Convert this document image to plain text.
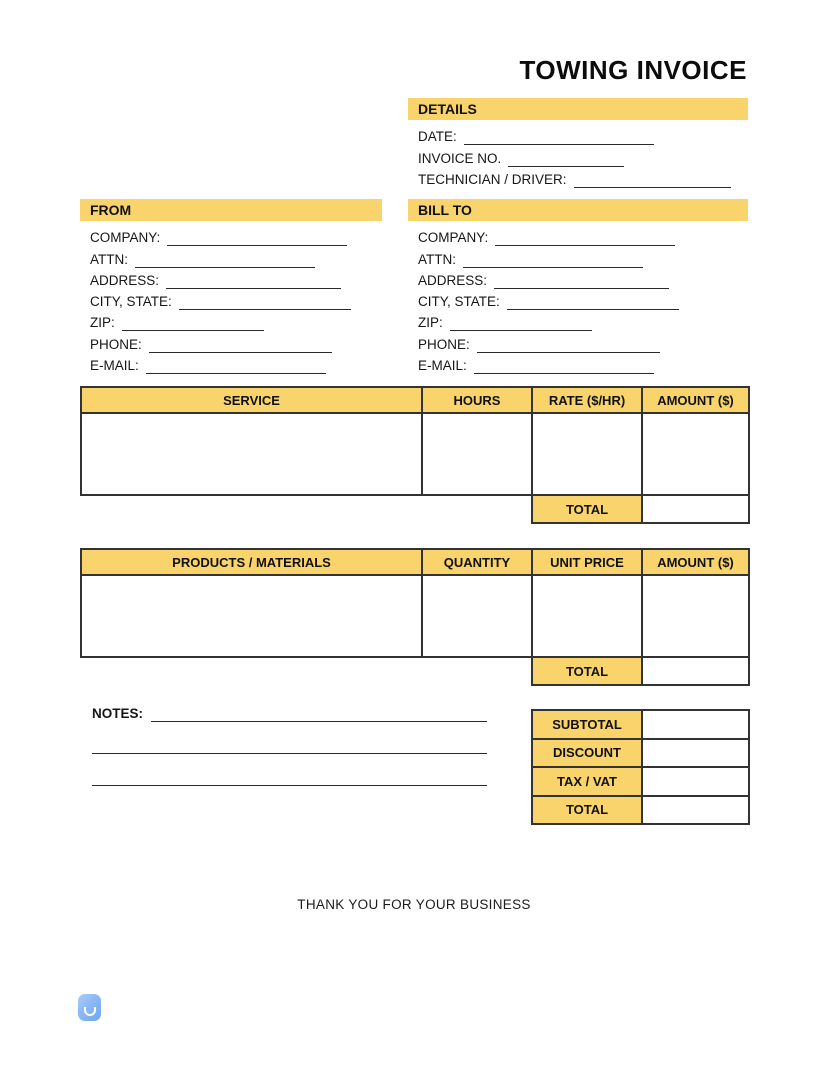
TOWING INVOICE
DETAILS
DATE:
INVOICE NO.
TECHNICIAN / DRIVER:
FROM
COMPANY:
ATTN:
ADDRESS:
CITY, STATE:
ZIP:
PHONE:
E-MAIL:
BILL TO
COMPANY:
ATTN:
ADDRESS:
CITY, STATE:
ZIP:
PHONE:
E-MAIL:
SERVICE	HOURS	RATE ($/HR)	AMOUNT ($)

		TOTAL	
PRODUCTS / MATERIALS	QUANTITY	UNIT PRICE	AMOUNT ($)

		TOTAL	
NOTES:
SUBTOTAL	
DISCOUNT	
TAX / VAT	
TOTAL	
THANK YOU FOR YOUR BUSINESS
